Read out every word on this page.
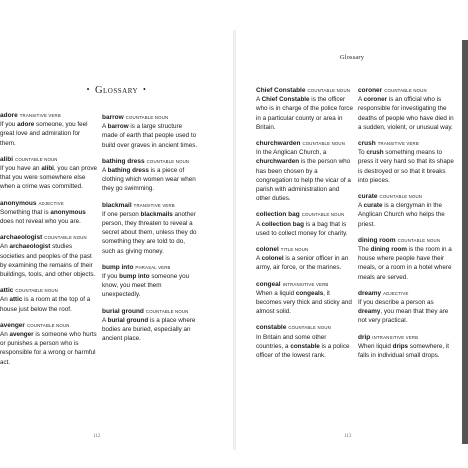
• Glossary •
adore TRANSITIVE VERB
If you adore someone, you feel great love and admiration for them.
alibi COUNTABLE NOUN
If you have an alibi, you can prove that you were somewhere else when a crime was committed.
anonymous ADJECTIVE
Something that is anonymous does not reveal who you are.
archaeologist COUNTABLE NOUN
An archaeologist studies societies and peoples of the past by examining the remains of their buildings, tools, and other objects.
attic COUNTABLE NOUN
An attic is a room at the top of a house just below the roof.
avenger COUNTABLE NOUN
An avenger is someone who hurts or punishes a person who is responsible for a wrong or harmful act.
barrow COUNTABLE NOUN
A barrow is a large structure made of earth that people used to build over graves in ancient times.
bathing dress COUNTABLE NOUN
A bathing dress is a piece of clothing which women wear when they go swimming.
blackmail TRANSITIVE VERB
If one person blackmails another person, they threaten to reveal a secret about them, unless they do something they are told to do, such as giving money.
bump into PHRASAL VERB
If you bump into someone you know, you meet them unexpectedly.
burial ground COUNTABLE NOUN
A burial ground is a place where bodies are buried, especially an ancient place.
112
Chief Constable COUNTABLE NOUN
A Chief Constable is the officer who is in charge of the police force in a particular county or area in Britain.
churchwarden COUNTABLE NOUN
In the Anglican Church, a churchwarden is the person who has been chosen by a congregation to help the vicar of a parish with administration and other duties.
collection bag COUNTABLE NOUN
A collection bag is a bag that is used to collect money for charity.
colonel TITLE NOUN
A colonel is a senior officer in an army, air force, or the marines.
congeal INTRANSITIVE VERB
When a liquid congeals, it becomes very thick and sticky and almost solid.
constable COUNTABLE NOUN
In Britain and some other countries, a constable is a police officer of the lowest rank.
coroner COUNTABLE NOUN
A coroner is an official who is responsible for investigating the deaths of people who have died in a sudden, violent, or unusual way.
crush TRANSITIVE VERB
To crush something means to press it very hard so that its shape is destroyed or so that it breaks into pieces.
curate COUNTABLE NOUN
A curate is a clergyman in the Anglican Church who helps the priest.
dining room COUNTABLE NOUN
The dining room is the room in a house where people have their meals, or a room in a hotel where meals are served.
dreamy ADJECTIVE
If you describe a person as dreamy, you mean that they are not very practical.
drip INTRANSITIVE VERB
When liquid drips somewhere, it falls in individual small drops.
113
Glossary
